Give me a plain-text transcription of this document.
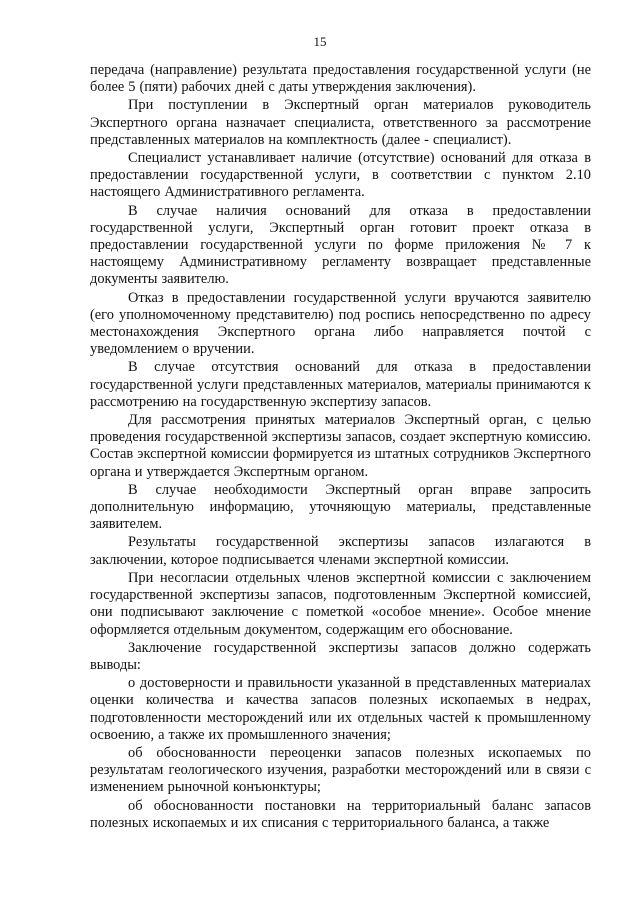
15

передача (направление) результата предоставления государственной услуги (не более 5 (пяти) рабочих дней с даты утверждения заключения).

При поступлении в Экспертный орган материалов руководитель Экспертного органа назначает специалиста, ответственного за рассмотрение представленных материалов на комплектность (далее - специалист).

Специалист устанавливает наличие (отсутствие) оснований для отказа в предоставлении государственной услуги, в соответствии с пунктом 2.10 настоящего Административного регламента.

В случае наличия оснований для отказа в предоставлении государственной услуги, Экспертный орган готовит проект отказа в предоставлении государственной услуги по форме приложения № 7 к настоящему Административному регламенту возвращает представленные документы заявителю.

Отказ в предоставлении государственной услуги вручаются заявителю (его уполномоченному представителю) под роспись непосредственно по адресу местонахождения Экспертного органа либо направляется почтой с уведомлением о вручении.

В случае отсутствия оснований для отказа в предоставлении государственной услуги представленных материалов, материалы принимаются к рассмотрению на государственную экспертизу запасов.

Для рассмотрения принятых материалов Экспертный орган, с целью проведения государственной экспертизы запасов, создает экспертную комиссию. Состав экспертной комиссии формируется из штатных сотрудников Экспертного органа и утверждается Экспертным органом.

В случае необходимости Экспертный орган вправе запросить дополнительную информацию, уточняющую материалы, представленные заявителем.

Результаты государственной экспертизы запасов излагаются в заключении, которое подписывается членами экспертной комиссии.

При несогласии отдельных членов экспертной комиссии с заключением государственной экспертизы запасов, подготовленным Экспертной комиссией, они подписывают заключение с пометкой «особое мнение». Особое мнение оформляется отдельным документом, содержащим его обоснование.

Заключение государственной экспертизы запасов должно содержать выводы:

о достоверности и правильности указанной в представленных материалах оценки количества и качества запасов полезных ископаемых в недрах, подготовленности месторождений или их отдельных частей к промышленному освоению, а также их промышленного значения;

об обоснованности переоценки запасов полезных ископаемых по результатам геологического изучения, разработки месторождений или в связи с изменением рыночной конъюнктуры;

об обоснованности постановки на территориальный баланс запасов полезных ископаемых и их списания с территориального баланса, а также
